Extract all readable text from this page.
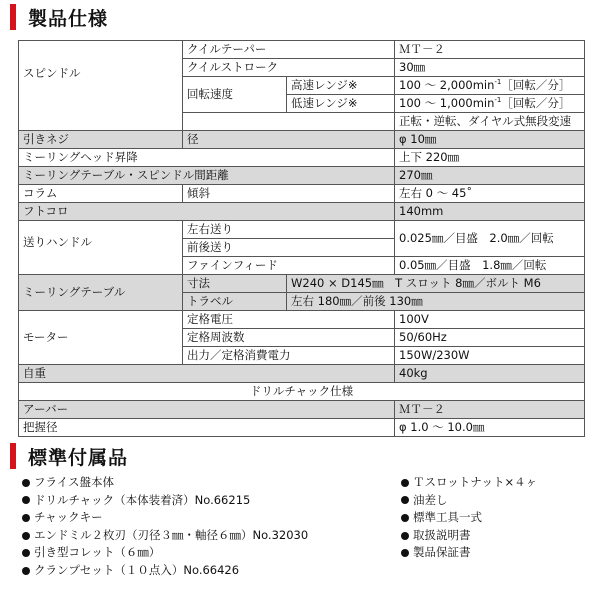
製品仕様
スピンドル	クイルテーパー		ＭＴ－２
	クイルストローク		30㎜
	回転速度	高速レンジ※	100 ～ $2,000\min^{-1}[$回転／分］
		低速レンジ※	100 ～ $1,000\min^{-1}[$回転／分］
			正転・逆転、ダイヤル式無段変速
引きネジ	径		φ 10㎜
ミーリングヘッド昇降			上下 220㎜
ミーリングテーブル・スピンドル間距離			270㎜
コラム	傾斜		左右 0 ～ 45˚
フトコロ			140mm
送りハンドル	左右送り		0.025㎜／目盛　2.0㎜／回転
	前後送り		
	ファインフィード		0.05㎜／目盛　1.8㎜／回転
ミーリングテーブル	寸法	W240 × D145㎜　T スロット 8㎜／ボルト M6	
	トラベル	左右 180㎜／前後 130㎜	
モーター	定格電圧		100V
	定格周波数		50/60Hz
	出力／定格消費電力		150W/230W
自重			40kg
ドリルチャック仕様			
アーバー			ＭＴ－２
把握径			φ 1.0 ～ 10.0㎜
標準付属品
フライス盤本体
ドリルチャック（本体装着済）No.66215
チャックキー
エンドミル２枚刃（刃径３㎜・軸径６㎜）No.32030
引き型コレット（６㎜）
クランプセット（１０点入）No.66426
Ｔスロットナット×４ヶ
油差し
標準工具一式
取扱説明書
製品保証書
